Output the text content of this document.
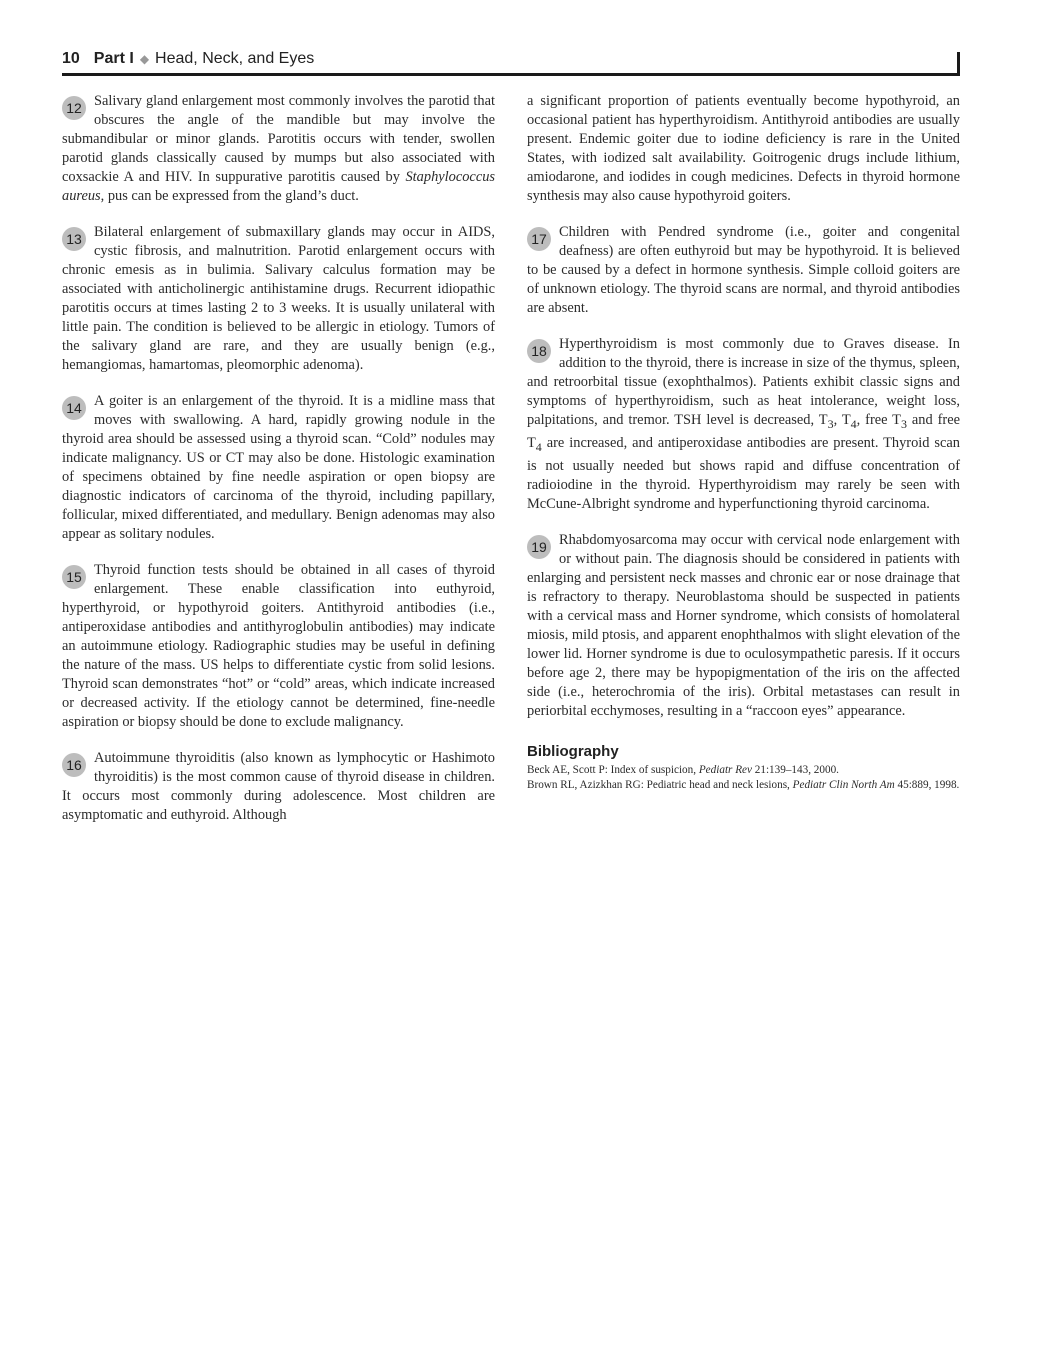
10 Part I ◆ Head, Neck, and Eyes
12 Salivary gland enlargement most commonly involves the parotid that obscures the angle of the mandible but may involve the submandibular or minor glands. Parotitis occurs with tender, swollen parotid glands classically caused by mumps but also associated with coxsackie A and HIV. In suppurative parotitis caused by Staphylococcus aureus, pus can be expressed from the gland’s duct.

13 Bilateral enlargement of submaxillary glands may occur in AIDS, cystic fibrosis, and malnutrition. Parotid enlargement occurs with chronic emesis as in bulimia. Salivary calculus formation may be associated with anticholinergic antihistamine drugs. Recurrent idiopathic parotitis occurs at times lasting 2 to 3 weeks. It is usually unilateral with little pain. The condition is believed to be allergic in etiology. Tumors of the salivary gland are rare, and they are usually benign (e.g., hemangiomas, hamartomas, pleomorphic adenoma).

14 A goiter is an enlargement of the thyroid. It is a midline mass that moves with swallowing. A hard, rapidly growing nodule in the thyroid area should be assessed using a thyroid scan. “Cold” nodules may indicate malignancy. US or CT may also be done. Histologic examination of specimens obtained by fine needle aspiration or open biopsy are diagnostic indicators of carcinoma of the thyroid, including papillary, follicular, mixed differentiated, and medullary. Benign adenomas may also appear as solitary nodules.

15 Thyroid function tests should be obtained in all cases of thyroid enlargement. These enable classification into euthyroid, hyperthyroid, or hypothyroid goiters. Antithyroid antibodies (i.e., antiperoxidase antibodies and antithyroglobulin antibodies) may indicate an autoimmune etiology. Radiographic studies may be useful in defining the nature of the mass. US helps to differentiate cystic from solid lesions. Thyroid scan demonstrates “hot” or “cold” areas, which indicate increased or decreased activity. If the etiology cannot be determined, fine-needle aspiration or biopsy should be done to exclude malignancy.

16 Autoimmune thyroiditis (also known as lymphocytic or Hashimoto thyroiditis) is the most common cause of thyroid disease in children. It occurs most commonly during adolescence. Most children are asymptomatic and euthyroid. Although

a significant proportion of patients eventually become hypothyroid, an occasional patient has hyperthyroidism. Antithyroid antibodies are usually present. Endemic goiter due to iodine deficiency is rare in the United States, with iodized salt availability. Goitrogenic drugs include lithium, amiodarone, and iodides in cough medicines. Defects in thyroid hormone synthesis may also cause hypothyroid goiters.

17 Children with Pendred syndrome (i.e., goiter and congenital deafness) are often euthyroid but may be hypothyroid. It is believed to be caused by a defect in hormone synthesis. Simple colloid goiters are of unknown etiology. The thyroid scans are normal, and thyroid antibodies are absent.

18 Hyperthyroidism is most commonly due to Graves disease. In addition to the thyroid, there is increase in size of the thymus, spleen, and retroorbital tissue (exophthalmos). Patients exhibit classic signs and symptoms of hyperthyroidism, such as heat intolerance, weight loss, palpitations, and tremor. TSH level is decreased, $T_3$, $T_4$, free $T_3$ and free $T_4$ are increased, and antiperoxidase antibodies are present. Thyroid scan is not usually needed but shows rapid and diffuse concentration of radioiodine in the thyroid. Hyperthyroidism may rarely be seen with McCune-Albright syndrome and hyperfunctioning thyroid carcinoma.

19 Rhabdomyosarcoma may occur with cervical node enlargement with or without pain. The diagnosis should be considered in patients with enlarging and persistent neck masses and chronic ear or nose drainage that is refractory to therapy. Neuroblastoma should be suspected in patients with a cervical mass and Horner syndrome, which consists of homolateral miosis, mild ptosis, and apparent enophthalmos with slight elevation of the lower lid. Horner syndrome is due to oculosympathetic paresis. If it occurs before age 2, there may be hypopigmentation of the iris on the affected side (i.e., heterochromia of the iris). Orbital metastases can result in periorbital ecchymoses, resulting in a “raccoon eyes” appearance.

Bibliography
Beck AE, Scott P: Index of suspicion, Pediatr Rev 21:139–143, 2000.
Brown RL, Azizkhan RG: Pediatric head and neck lesions, Pediatr Clin North Am 45:889, 1998.
